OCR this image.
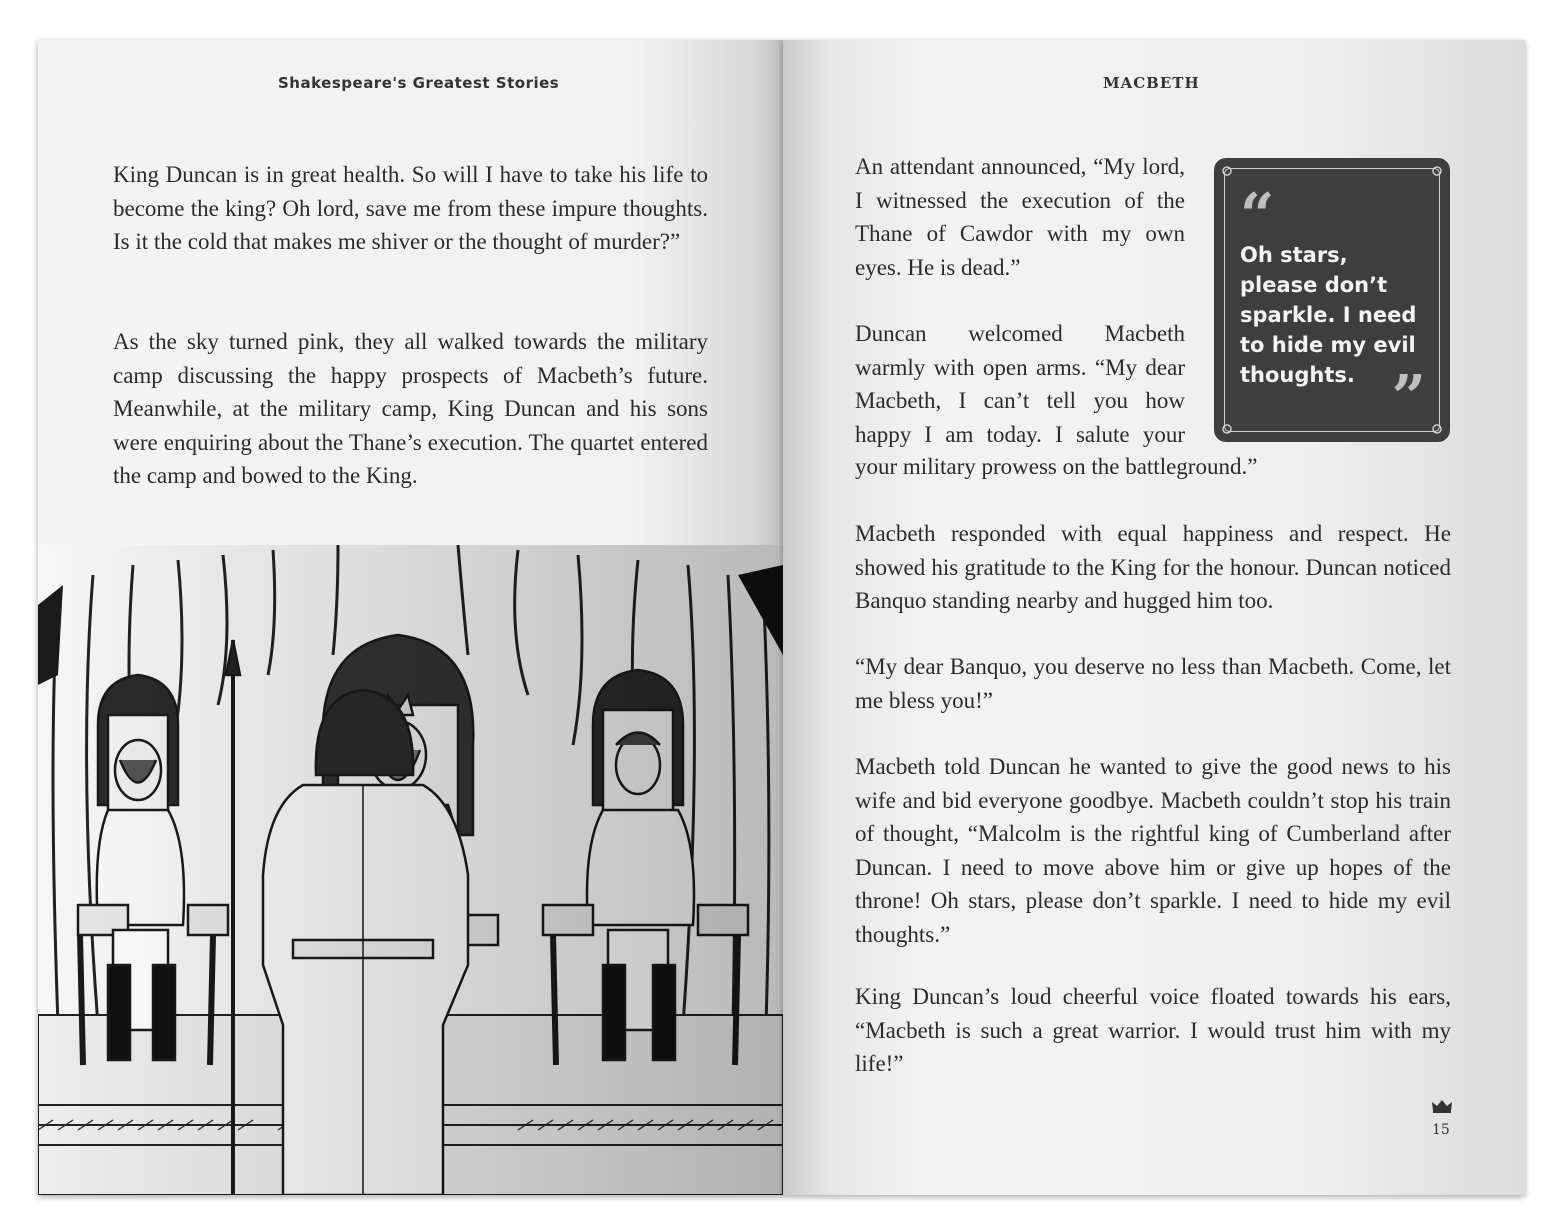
Shakespeare's Greatest Stories

King Duncan is in great health. So will I have to take his life to become the king? Oh lord, save me from these impure thoughts. Is it the cold that makes me shiver or the thought of murder?”

As the sky turned pink, they all walked towards the military camp discussing the happy prospects of Macbeth’s future. Meanwhile, at the military camp, King Duncan and his sons were enquiring about the Thane’s execution. The quartet entered the camp and bowed to the King.

MACBETH

An attendant announced, “My lord, I witnessed the execution of the Thane of Cawdor with my own eyes. He is dead.”

Duncan welcomed Macbeth warmly with open arms. “My dear Macbeth, I can’t tell you how happy I am today. I salute your

your military prowess on the battleground.”

Macbeth responded with equal happiness and respect. He showed his gratitude to the King for the honour. Duncan noticed Banquo standing nearby and hugged him too.

“My dear Banquo, you deserve no less than Macbeth. Come, let me bless you!”

Macbeth told Duncan he wanted to give the good news to his wife and bid everyone goodbye. Macbeth couldn’t stop his train of thought, “Malcolm is the rightful king of Cumberland after Duncan. I need to move above him or give up hopes of the throne! Oh stars, please don’t sparkle. I need to hide my evil thoughts.”

King Duncan’s loud cheerful voice floated towards his ears, “Macbeth is such a great warrior. I would trust him with my life!”

“
Oh stars, please don’t sparkle. I need to hide my evil thoughts. ”
15
